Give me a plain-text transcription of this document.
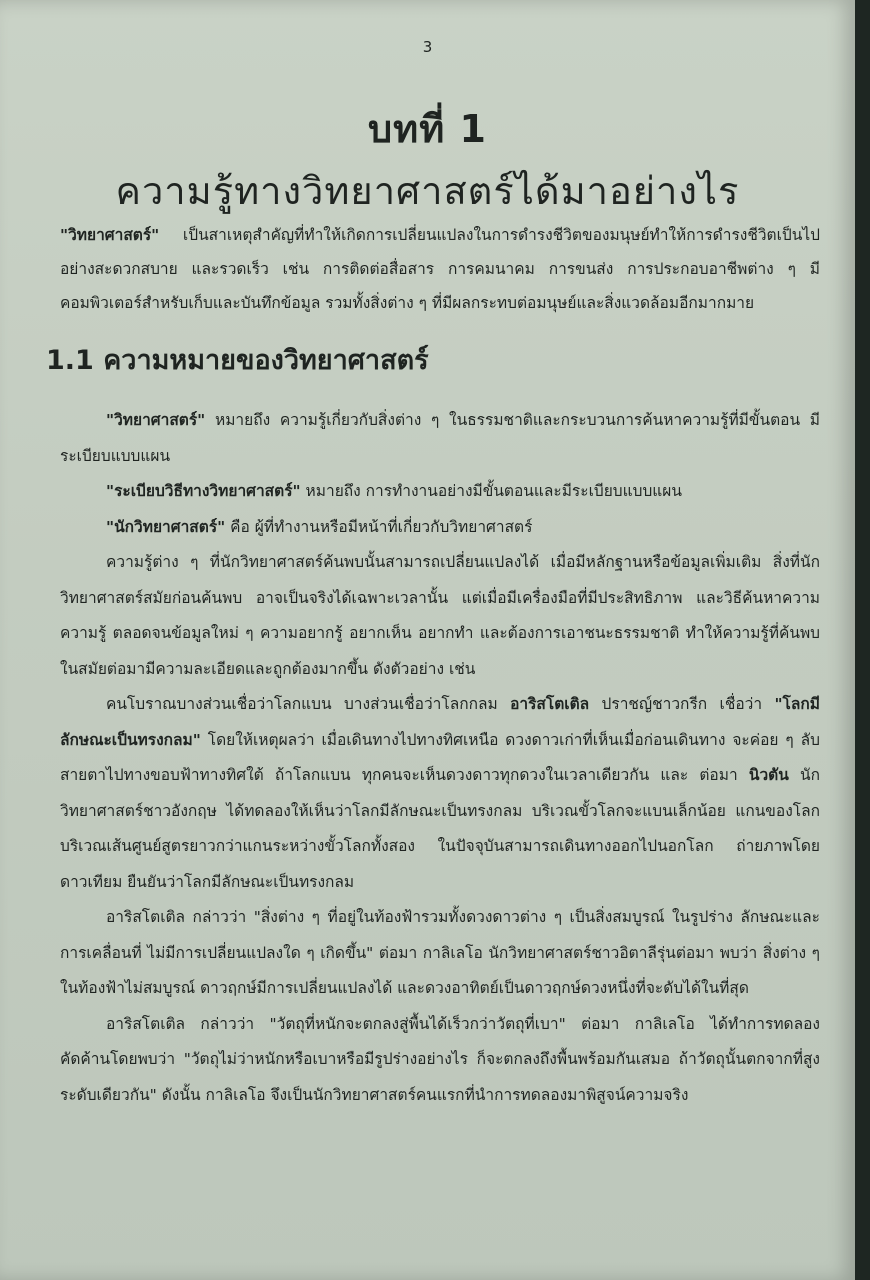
3
บทที่ 1
ความรู้ทางวิทยาศาสตร์ได้มาอย่างไร

"วิทยาศาสตร์" เป็นสาเหตุสำคัญที่ทำให้เกิดการเปลี่ยนแปลงในการดำรงชีวิตของมนุษย์ทำให้การดำรงชีวิตเป็นไปอย่างสะดวกสบาย และรวดเร็ว เช่น การติดต่อสื่อสาร การคมนาคม การขนส่ง การประกอบอาชีพต่าง ๆ มีคอมพิวเตอร์สำหรับเก็บและบันทึกข้อมูล รวมทั้งสิ่งต่าง ๆ ที่มีผลกระทบต่อมนุษย์และสิ่งแวดล้อมอีกมากมาย

1.1 ความหมายของวิทยาศาสตร์

"วิทยาศาสตร์" หมายถึง ความรู้เกี่ยวกับสิ่งต่าง ๆ ในธรรมชาติและกระบวนการค้นหาความรู้ที่มีขั้นตอน มีระเบียบแบบแผน

"ระเบียบวิธีทางวิทยาศาสตร์" หมายถึง การทำงานอย่างมีขั้นตอนและมีระเบียบแบบแผน

"นักวิทยาศาสตร์" คือ ผู้ที่ทำงานหรือมีหน้าที่เกี่ยวกับวิทยาศาสตร์

ความรู้ต่าง ๆ ที่นักวิทยาศาสตร์ค้นพบนั้นสามารถเปลี่ยนแปลงได้ เมื่อมีหลักฐานหรือข้อมูลเพิ่มเติม สิ่งที่นักวิทยาศาสตร์สมัยก่อนค้นพบ อาจเป็นจริงได้เฉพาะเวลานั้น แต่เมื่อมีเครื่องมือที่มีประสิทธิภาพ และวิธีค้นหาความความรู้ ตลอดจนข้อมูลใหม่ ๆ ความอยากรู้ อยากเห็น อยากทำ และต้องการเอาชนะธรรมชาติ ทำให้ความรู้ที่ค้นพบในสมัยต่อมามีความละเอียดและถูกต้องมากขึ้น ดังตัวอย่าง เช่น

คนโบราณบางส่วนเชื่อว่าโลกแบน บางส่วนเชื่อว่าโลกกลม อาริสโตเติล ปราชญ์ชาวกรีก เชื่อว่า "โลกมีลักษณะเป็นทรงกลม" โดยให้เหตุผลว่า เมื่อเดินทางไปทางทิศเหนือ ดวงดาวเก่าที่เห็นเมื่อก่อนเดินทาง จะค่อย ๆ ลับสายตาไปทางขอบฟ้าทางทิศใต้ ถ้าโลกแบน ทุกคนจะเห็นดวงดาวทุกดวงในเวลาเดียวกัน และ ต่อมา นิวตัน นักวิทยาศาสตร์ชาวอังกฤษ ได้ทดลองให้เห็นว่าโลกมีลักษณะเป็นทรงกลม บริเวณขั้วโลกจะแบนเล็กน้อย แกนของโลกบริเวณเส้นศูนย์สูตรยาวกว่าแกนระหว่างขั้วโลกทั้งสอง ในปัจจุบันสามารถเดินทางออกไปนอกโลก ถ่ายภาพโดยดาวเทียม ยืนยันว่าโลกมีลักษณะเป็นทรงกลม

อาริสโตเติล กล่าวว่า "สิ่งต่าง ๆ ที่อยู่ในท้องฟ้ารวมทั้งดวงดาวต่าง ๆ เป็นสิ่งสมบูรณ์ ในรูปร่าง ลักษณะและการเคลื่อนที่ ไม่มีการเปลี่ยนแปลงใด ๆ เกิดขึ้น" ต่อมา กาลิเลโอ นักวิทยาศาสตร์ชาวอิตาลีรุ่นต่อมา พบว่า สิ่งต่าง ๆ ในท้องฟ้าไม่สมบูรณ์ ดาวฤกษ์มีการเปลี่ยนแปลงได้ และดวงอาทิตย์เป็นดาวฤกษ์ดวงหนึ่งที่จะดับได้ในที่สุด

อาริสโตเติล กล่าวว่า "วัตถุที่หนักจะตกลงสู่พื้นได้เร็วกว่าวัตถุที่เบา" ต่อมา กาลิเลโอ ได้ทำการทดลอง คัดค้านโดยพบว่า "วัตถุไม่ว่าหนักหรือเบาหรือมีรูปร่างอย่างไร ก็จะตกลงถึงพื้นพร้อมกันเสมอ ถ้าวัตถุนั้นตกจากที่สูงระดับเดียวกัน" ดังนั้น กาลิเลโอ จึงเป็นนักวิทยาศาสตร์คนแรกที่นำการทดลองมาพิสูจน์ความจริง
